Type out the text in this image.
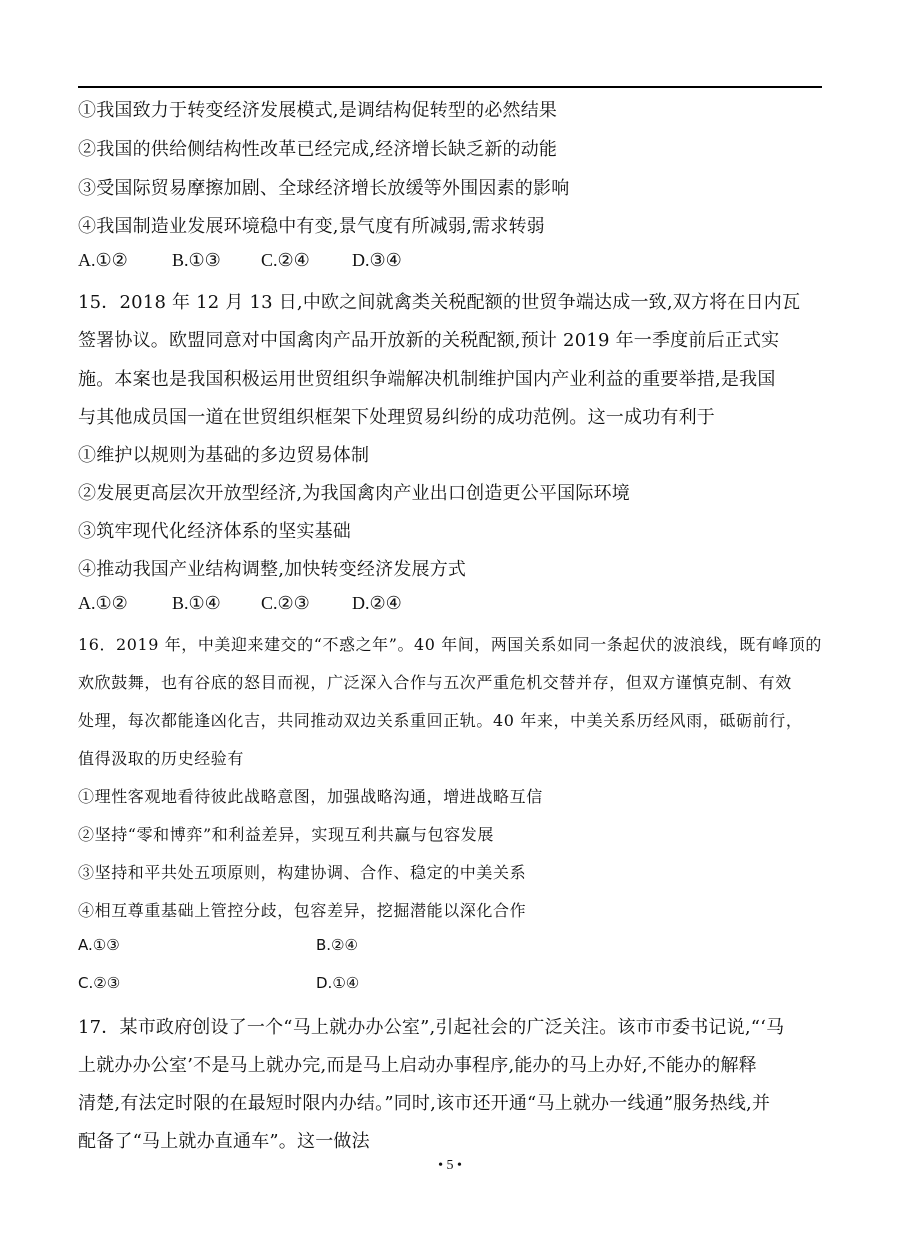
①我国致力于转变经济发展模式,是调结构促转型的必然结果
②我国的供给侧结构性改革已经完成,经济增长缺乏新的动能
③受国际贸易摩擦加剧、全球经济增长放缓等外围因素的影响
④我国制造业发展环境稳中有变,景气度有所减弱,需求转弱
A.①② B.①③ C.②④ D.③④
15．2018 年 12 月 13 日,中欧之间就禽类关税配额的世贸争端达成一致,双方将在日内瓦
签署协议。欧盟同意对中国禽肉产品开放新的关税配额,预计 2019 年一季度前后正式实
施。本案也是我国积极运用世贸组织争端解决机制维护国内产业利益的重要举措,是我国
与其他成员国一道在世贸组织框架下处理贸易纠纷的成功范例。这一成功有利于
①维护以规则为基础的多边贸易体制
②发展更高层次开放型经济,为我国禽肉产业出口创造更公平国际环境
③筑牢现代化经济体系的坚实基础
④推动我国产业结构调整,加快转变经济发展方式
A.①② B.①④ C.②③ D.②④
16．2019 年，中美迎来建交的“不惑之年”。40 年间，两国关系如同一条起伏的波浪线，既有峰顶的
欢欣鼓舞，也有谷底的怒目而视，广泛深入合作与五次严重危机交替并存，但双方谨慎克制、有效
处理，每次都能逢凶化吉，共同推动双边关系重回正轨。40 年来，中美关系历经风雨，砥砺前行，
值得汲取的历史经验有
①理性客观地看待彼此战略意图，加强战略沟通，增进战略互信
②坚持“零和博弈”和利益差异，实现互利共赢与包容发展
③坚持和平共处五项原则，构建协调、合作、稳定的中美关系
④相互尊重基础上管控分歧，包容差异，挖掘潜能以深化合作
A.①③	B.②④
C.②③	D.①④
17．某市政府创设了一个“马上就办办公室”,引起社会的广泛关注。该市市委书记说,“‘马
上就办办公室’不是马上就办完,而是马上启动办事程序,能办的马上办好,不能办的解释
清楚,有法定时限的在最短时限内办结。”同时,该市还开通“马上就办一线通”服务热线,并
配备了“马上就办直通车”。这一做法
• 5 •
